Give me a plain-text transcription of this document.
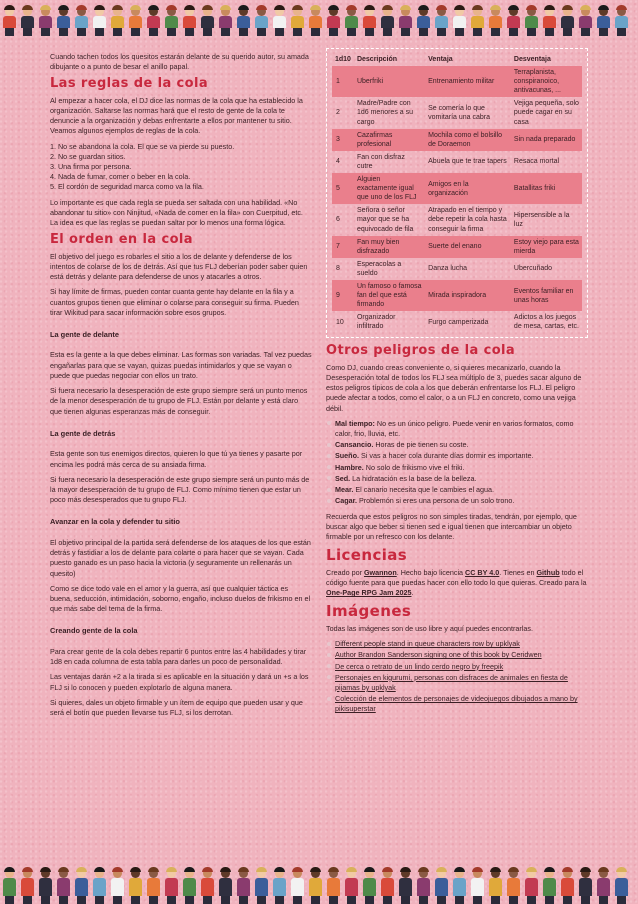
Cuando tachen todos los quesitos estarán delante de su querido autor, su amada dibujante o a punto de besar el anillo papal.

Las reglas de la cola

Al empezar a hacer cola, el DJ dice las normas de la cola que ha establecido la organización. Saltarse las normas hará que el resto de gente de la cola te denuncie a la organización y debas enfrentarte a ellos por mantener tu sitio. Veamos algunos ejemplos de reglas de la cola.

1. No se abandona la cola. El que se va pierde su puesto.
2. No se guardan sitios.
3. Una firma por persona.
4. Nada de fumar, comer o beber en la cola.
5. El cordón de seguridad marca como va la fila.

Lo importante es que cada regla se pueda ser saltada con una habilidad. «No abandonar tu sitio» con Ninjitud, «Nada de comer en la fila» con Cuerpitud, etc. La idea es que las reglas se puedan saltar por lo menos una forma lógica.

El orden en la cola

El objetivo del juego es robarles el sitio a los de delante y defenderse de los intentos de colarse de los de detrás. Así que tus FLJ deberían poder saber quien está detrás y delante para defenderse de unos y atacarles a otros.

Si hay límite de firmas, pueden contar cuanta gente hay delante en la fila y a cuantos grupos tienen que eliminar o colarse para conseguir su firma. Pueden tirar Wikitud para sacar información sobre esos grupos.

La gente de delante

Esta es la gente a la que debes eliminar. Las formas son variadas. Tal vez puedas engañarlas para que se vayan, quizas puedas intimidarlos y que se vayan o puede que puedas negociar con ellos un trato.

Si fuera necesario la desesperación de este grupo siempre será un punto menos de la menor desesperación de tu grupo de FLJ. Están por delante y está claro que tienen algunas esperanzas más de conseguir.

La gente de detrás

Esta gente son tus enemigos directos, quieren lo que tú ya tienes y pasarte por encima les podrá más cerca de su ansiada firma.

Si fuera necesario la desesperación de este grupo siempre será un punto más de la mayor desesperación de tu grupo de FLJ. Como mínimo tienen que estar un poco más desesperados que tu grupo FLJ.

Avanzar en la cola y defender tu sitio

El objetivo principal de la partida será defenderse de los ataques de los que están detrás y fastidiar a los de delante para colarte o para hacer que se vayan. Cada puesto ganado es un paso hacia la victoria (y seguramente un rellenarás un quesito)

Como se dice todo vale en el amor y la guerra, así que cualquier táctica es buena, seducción, intimidación, soborno, engaño, incluso duelos de frikismo en el que más sabe del tema de la firma.

Creando gente de la cola

Para crear gente de la cola debes repartir 6 puntos entre las 4 habilidades y tirar 1d8 en cada columna de esta tabla para darles un poco de personalidad.

Las ventajas darán +2 a la tirada si es aplicable en la situación y dará un +s a los FLJ si lo conocen y pueden explotarlo de alguna manera.

Si quieres, dales un objeto firmable y un ítem de equipo que pueden usar y que será el botín que pueden llevarse tus FLJ, si los derrotan.

1d10	Descripción	Ventaja	Desventaja
1	Uberfriki	Entrenamiento militar	Terraplanista, conspiranoico, antivacunas, ...
2	Madre/Padre con 1d6 menores a su cargo	Se comería lo que vomitaría una cabra	Vejiga pequeña, solo puede cagar en su casa
3	Cazafirmas profesional	Mochila como el bolsillo de Doraemon	Sin nada preparado
4	Fan con disfraz cutre	Abuela que te trae tapers	Resaca mortal
5	Alguien exactamente igual que uno de los FLJ	Amigos en la organización	Batallitas friki
6	Señora o señor mayor que se ha equivocado de fila	Atrapado en el tiempo y debe repetir la cola hasta conseguir la firma	Hipersensible a la luz
7	Fan muy bien disfrazado	Suerte del enano	Estoy viejo para esta mierda
8	Esperacolas a sueldo	Danza lucha	Ubercuñado
9	Un famoso o famosa fan del que está firmando	Mirada inspiradora	Eventos familiar en unas horas
10	Organizador infiltrado	Furgo camperizada	Adictos a los juegos de mesa, cartas, etc.
Otros peligros de la cola

Como DJ, cuando creas conveniente o, si quieres mecanizarlo, cuando la Desesperación total de todos los FLJ sea múltiplo de 3, puedes sacar alguno de estos peligros típicos de cola a los que deberán enfrentarse los FLJ. El peligro puede afectar a todos, como el calor, o a un FLJ en concreto, como una vejiga débil.

Mal tiempo: No es un único peligro. Puede venir en varios formatos, como calor, frio, lluvia, etc.
Cansancio. Horas de pie tienen su coste.
Sueño. Si vas a hacer cola durante días dormir es importante.
Hambre. No solo de frikismo vive el friki.
Sed. La hidratación es la base de la belleza.
Mear. El canario necesita que le cambies el agua.
Cagar. Problemón si eres una persona de un solo trono.

Recuerda que estos peligros no son simples tiradas, tendrán, por ejemplo, que buscar algo que beber si tienen sed e igual tienen que intercambiar un objeto firmable por un refresco con los delante.

Licencias

Creado por Gwannon. Hecho bajo licencia CC BY 4.0. Tienes en Github todo el código fuente para que puedas hacer con ello todo lo que quieras. Creado para la One-Page RPG Jam 2025.

Imágenes

Todas las imágenes son de uso libre y aquí puedes encontrarlas.

Different people stand in queue characters row by upklyak
Author Brandon Sanderson signing one of this book by Ceridwen
De cerca o retrato de un lindo cerdo negro by freepik
Personajes en kigurumi, personas con disfraces de animales en fiesta de pijamas by upklyak
Colección de elementos de personajes de videojuegos dibujados a mano by pikisuperstar
